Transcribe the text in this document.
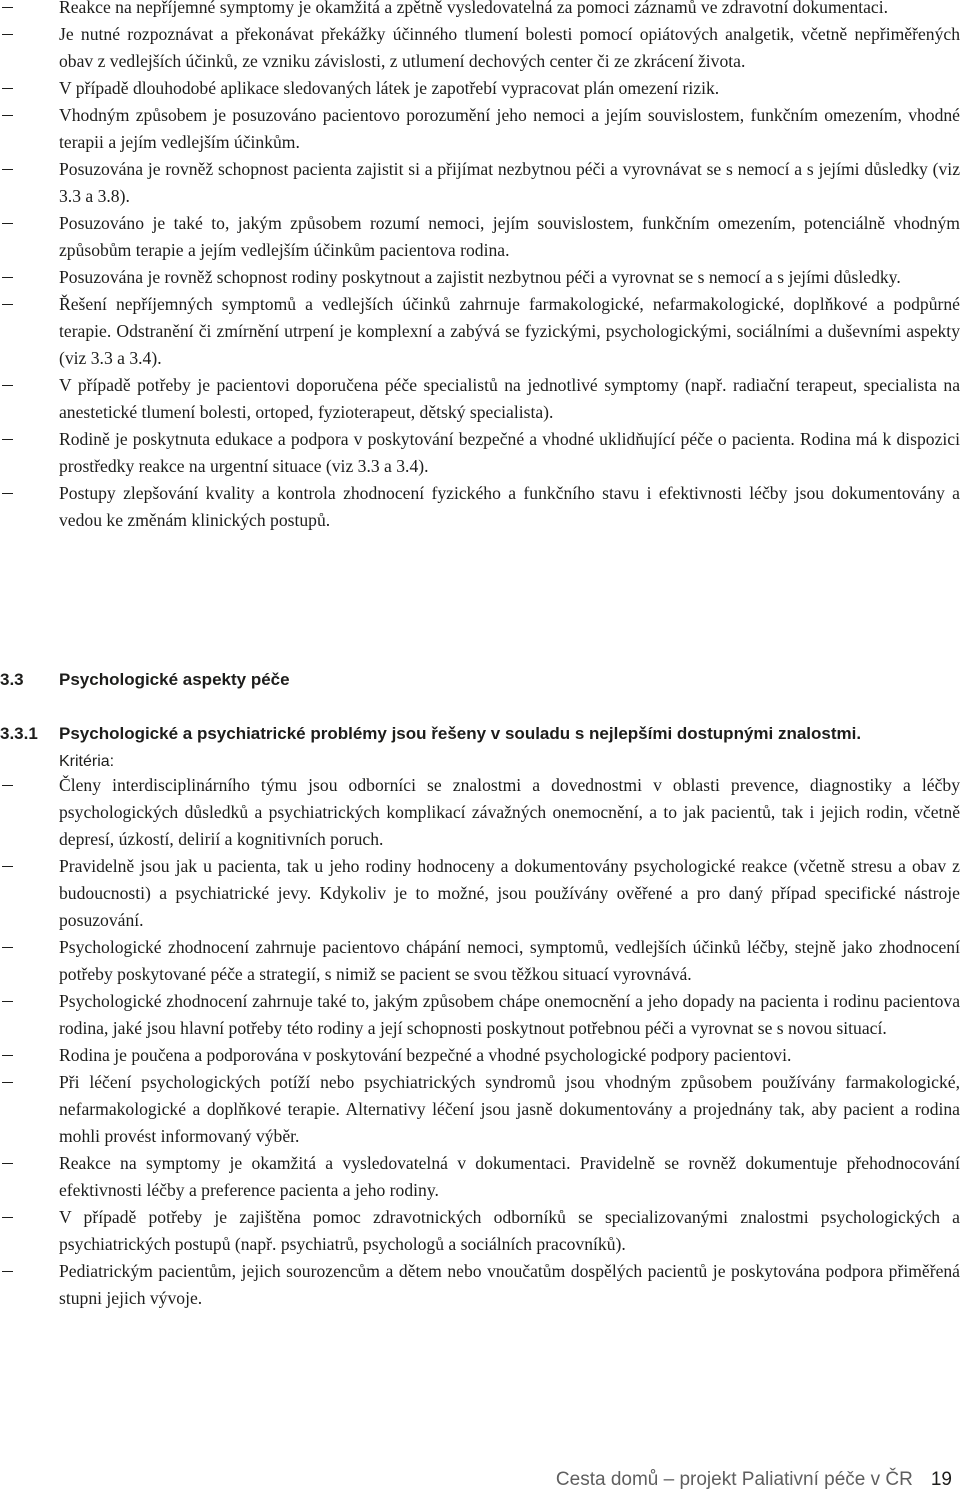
Reakce na nepříjemné symptomy je okamžitá a zpětně vysledovatelná za pomoci záznamů ve zdravotní dokumentaci.
Je nutné rozpoznávat a překonávat překážky účinného tlumení bolesti pomocí opiátových analgetik, včetně nepřiměřených obav z vedlejších účinků, ze vzniku závislosti, z utlumení dechových center či ze zkrácení života.
V případě dlouhodobé aplikace sledovaných látek je zapotřebí vypracovat plán omezení rizik.
Vhodným způsobem je posuzováno pacientovo porozumění jeho nemoci a jejím souvislostem, funkčním omezením, vhodné terapii a jejím vedlejším účinkům.
Posuzována je rovněž schopnost pacienta zajistit si a přijímat nezbytnou péči a vyrovnávat se s nemocí a s jejími důsledky (viz 3.3 a 3.8).
Posuzováno je také to, jakým způsobem rozumí nemoci, jejím souvislostem, funkčním omezením, potenciálně vhodným způsobům terapie a jejím vedlejším účinkům pacientova rodina.
Posuzována je rovněž schopnost rodiny poskytnout a zajistit nezbytnou péči a vyrovnat se s nemocí a s jejími důsledky.
Řešení nepříjemných symptomů a vedlejších účinků zahrnuje farmakologické, nefarmakologické, doplňkové a podpůrné terapie. Odstranění či zmírnění utrpení je komplexní a zabývá se fyzickými, psychologickými, sociálními a duševními aspekty (viz 3.3 a 3.4).
V případě potřeby je pacientovi doporučena péče specialistů na jednotlivé symptomy (např. radiační terapeut, specialista na anestetické tlumení bolesti, ortoped, fyzioterapeut, dětský specialista).
Rodině je poskytnuta edukace a podpora v poskytování bezpečné a vhodné uklidňující péče o pacienta. Rodina má k dispozici prostředky reakce na urgentní situace (viz 3.3 a 3.4).
Postupy zlepšování kvality a kontrola zhodnocení fyzického a funkčního stavu i efektivnosti léčby jsou dokumentovány a vedou ke změnám klinických postupů.
3.3 Psychologické aspekty péče
3.3.1 Psychologické a psychiatrické problémy jsou řešeny v souladu s nejlepšími dostupnými znalostmi.
Kritéria:
Členy interdisciplinárního týmu jsou odborníci se znalostmi a dovednostmi v oblasti prevence, diagnostiky a léčby psychologických důsledků a psychiatrických komplikací závažných onemocnění, a to jak pacientů, tak i jejich rodin, včetně depresí, úzkostí, delirií a kognitivních poruch.
Pravidelně jsou jak u pacienta, tak u jeho rodiny hodnoceny a dokumentovány psychologické reakce (včetně stresu a obav z budoucnosti) a psychiatrické jevy. Kdykoliv je to možné, jsou používány ověřené a pro daný případ specifické nástroje posuzování.
Psychologické zhodnocení zahrnuje pacientovo chápání nemoci, symptomů, vedlejších účinků léčby, stejně jako zhodnocení potřeby poskytované péče a strategií, s nimiž se pacient se svou těžkou situací vyrovnává.
Psychologické zhodnocení zahrnuje také to, jakým způsobem chápe onemocnění a jeho dopady na pacienta i rodinu pacientova rodina, jaké jsou hlavní potřeby této rodiny a její schopnosti poskytnout potřebnou péči a vyrovnat se s novou situací.
Rodina je poučena a podporována v poskytování bezpečné a vhodné psychologické podpory pacientovi.
Při léčení psychologických potíží nebo psychiatrických syndromů jsou vhodným způsobem používány farmakologické, nefarmakologické a doplňkové terapie. Alternativy léčení jsou jasně dokumentovány a projednány tak, aby pacient a rodina mohli provést informovaný výběr.
Reakce na symptomy je okamžitá a vysledovatelná v dokumentaci. Pravidelně se rovněž dokumentuje přehodnocování efektivnosti léčby a preference pacienta a jeho rodiny.
V případě potřeby je zajištěna pomoc zdravotnických odborníků se specializovanými znalostmi psychologických a psychiatrických postupů (např. psychiatrů, psychologů a sociálních pracovníků).
Pediatrickým pacientům, jejich sourozencům a dětem nebo vnoučatům dospělých pacientů je poskytována podpora přiměřená stupni jejich vývoje.
Cesta domů – projekt Paliativní péče v ČR 19
